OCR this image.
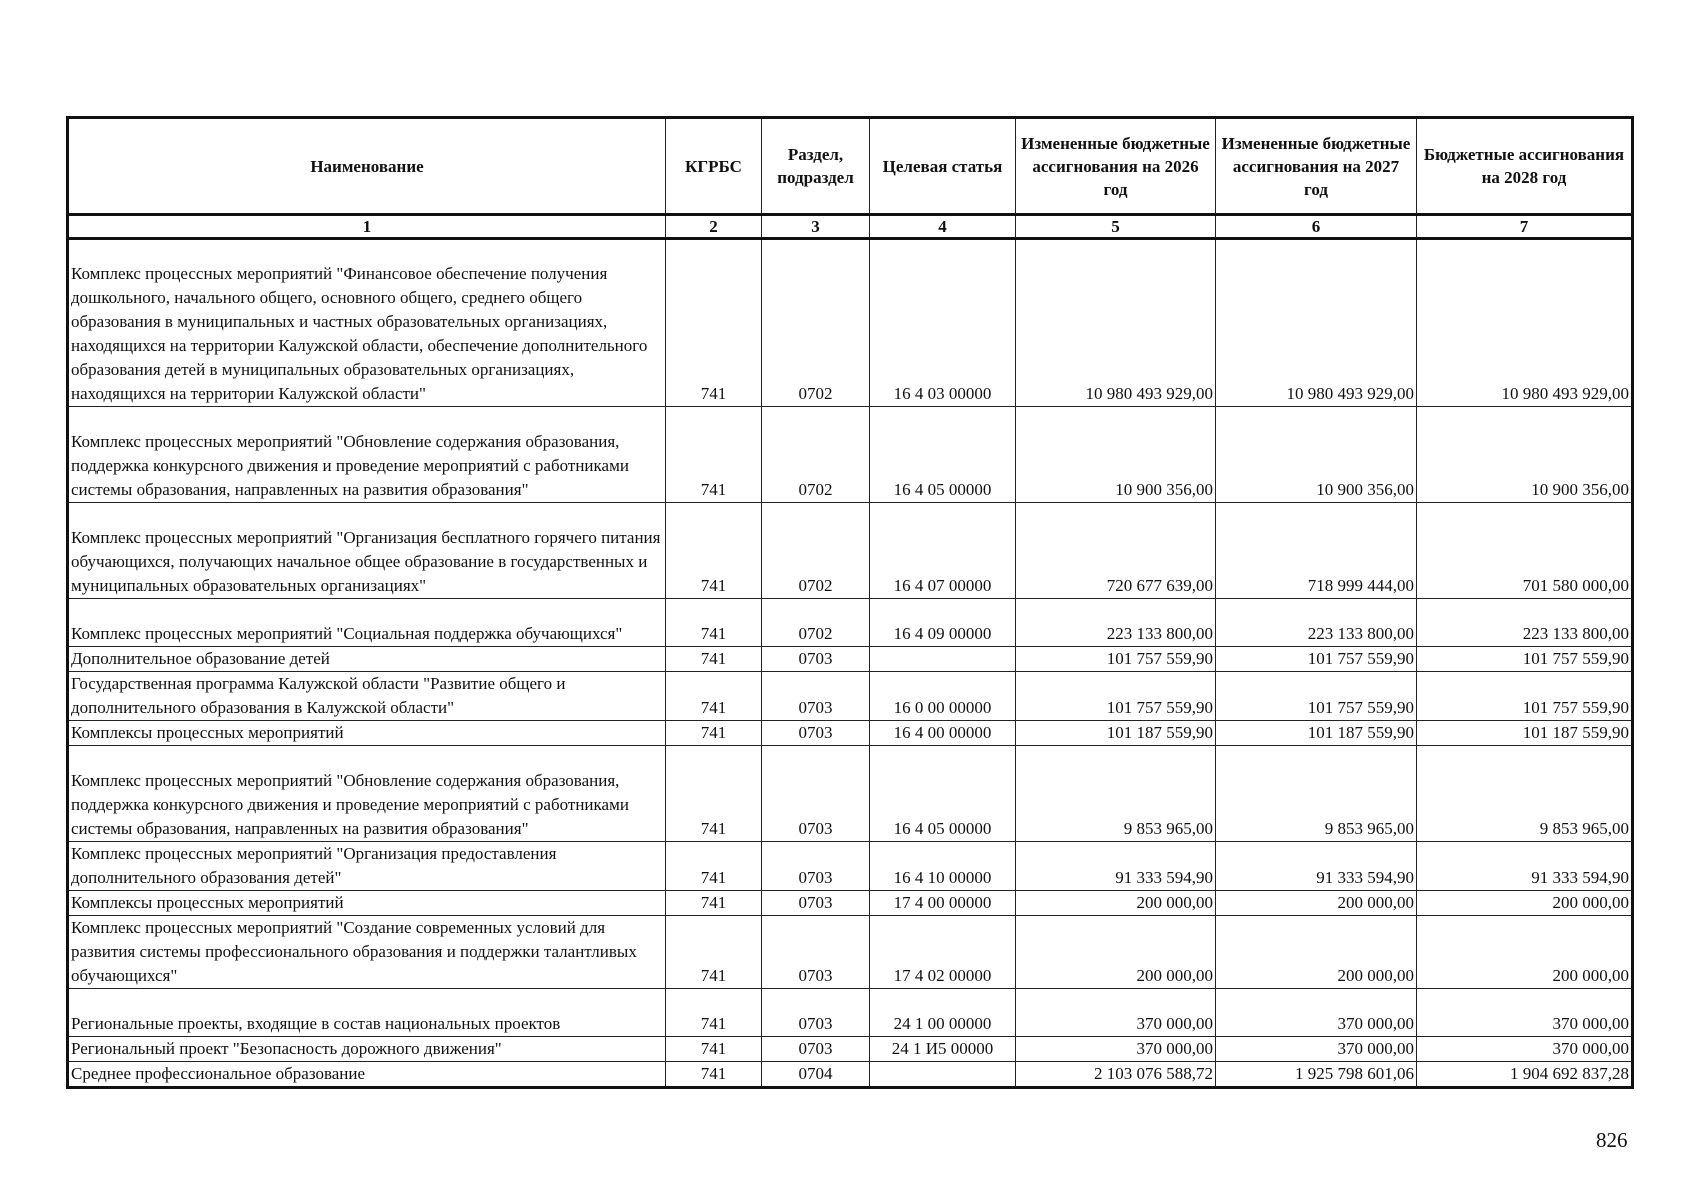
Наименование	КГРБС	Раздел, подраздел	Целевая статья	Измененные бюджетные ассигнования на 2026 год	Измененные бюджетные ассигнования на 2027 год	Бюджетные ассигнования на 2028 год
1	2	3	4	5	6	7
Комплекс процессных мероприятий "Финансовое обеспечение получения дошкольного, начального общего, основного общего, среднего общего образования в муниципальных и частных образовательных организациях, находящихся на территории Калужской области, обеспечение дополнительного образования детей в муниципальных образовательных организациях, находящихся на территории Калужской области"	741	0702	16 4 03 00000	10 980 493 929,00	10 980 493 929,00	10 980 493 929,00
Комплекс процессных мероприятий "Обновление содержания образования, поддержка конкурсного движения и проведение мероприятий с работниками системы образования, направленных на развития образования"	741	0702	16 4 05 00000	10 900 356,00	10 900 356,00	10 900 356,00
Комплекс процессных мероприятий "Организация бесплатного горячего питания обучающихся, получающих начальное общее образование в государственных и муниципальных образовательных организациях"	741	0702	16 4 07 00000	720 677 639,00	718 999 444,00	701 580 000,00
Комплекс процессных мероприятий "Социальная поддержка обучающихся"	741	0702	16 4 09 00000	223 133 800,00	223 133 800,00	223 133 800,00
Дополнительное образование детей	741	0703		101 757 559,90	101 757 559,90	101 757 559,90
Государственная программа Калужской области "Развитие общего и дополнительного образования в Калужской области"	741	0703	16 0 00 00000	101 757 559,90	101 757 559,90	101 757 559,90
Комплексы процессных мероприятий	741	0703	16 4 00 00000	101 187 559,90	101 187 559,90	101 187 559,90
Комплекс процессных мероприятий "Обновление содержания образования, поддержка конкурсного движения и проведение мероприятий с работниками системы образования, направленных на развития образования"	741	0703	16 4 05 00000	9 853 965,00	9 853 965,00	9 853 965,00
Комплекс процессных мероприятий "Организация предоставления дополнительного образования детей"	741	0703	16 4 10 00000	91 333 594,90	91 333 594,90	91 333 594,90
Комплексы процессных мероприятий	741	0703	17 4 00 00000	200 000,00	200 000,00	200 000,00
Комплекс процессных мероприятий "Создание современных условий для развития системы профессионального образования и поддержки талантливых обучающихся"	741	0703	17 4 02 00000	200 000,00	200 000,00	200 000,00
Региональные проекты, входящие в состав национальных проектов	741	0703	24 1 00 00000	370 000,00	370 000,00	370 000,00
Региональный проект "Безопасность дорожного движения"	741	0703	24 1 И5 00000	370 000,00	370 000,00	370 000,00
Среднее профессиональное образование	741	0704		2 103 076 588,72	1 925 798 601,06	1 904 692 837,28
826
